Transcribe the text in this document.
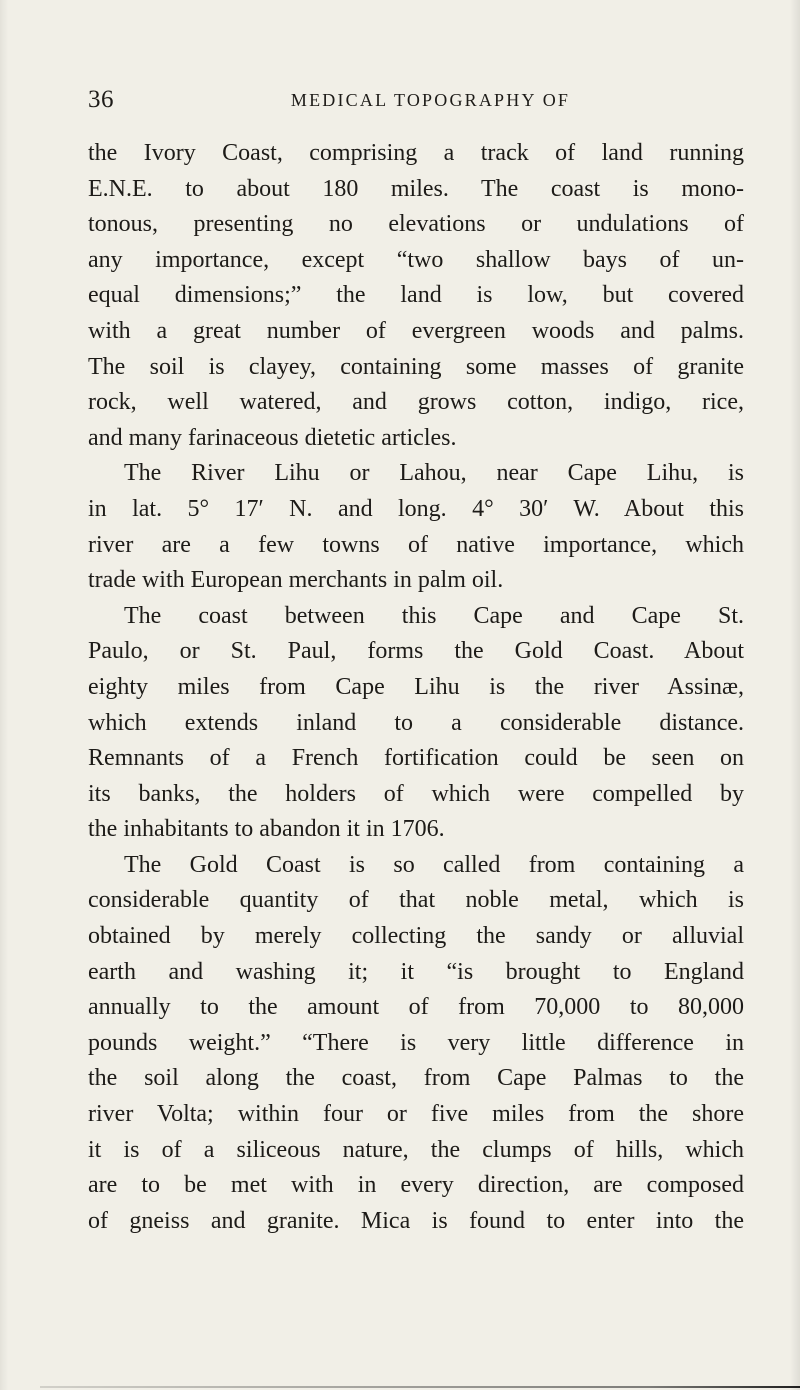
36	MEDICAL TOPOGRAPHY OF
the Ivory Coast, comprising a track of land running
E.N.E. to about 180 miles. The coast is mono-
tonous, presenting no elevations or undulations of
any importance, except “two shallow bays of un-
equal dimensions;” the land is low, but covered
with a great number of evergreen woods and palms.
The soil is clayey, containing some masses of granite
rock, well watered, and grows cotton, indigo, rice,
and many farinaceous dietetic articles.
The River Lihu or Lahou, near Cape Lihu, is
in lat. 5° 17′ N. and long. 4° 30′ W. About this
river are a few towns of native importance, which
trade with European merchants in palm oil.
The coast between this Cape and Cape St.
Paulo, or St. Paul, forms the Gold Coast. About
eighty miles from Cape Lihu is the river Assinæ,
which extends inland to a considerable distance.
Remnants of a French fortification could be seen on
its banks, the holders of which were compelled by
the inhabitants to abandon it in 1706.
The Gold Coast is so called from containing a
considerable quantity of that noble metal, which is
obtained by merely collecting the sandy or alluvial
earth and washing it; it “is brought to England
annually to the amount of from 70,000 to 80,000
pounds weight.” “There is very little difference in
the soil along the coast, from Cape Palmas to the
river Volta; within four or five miles from the shore
it is of a siliceous nature, the clumps of hills, which
are to be met with in every direction, are composed
of gneiss and granite. Mica is found to enter into the
